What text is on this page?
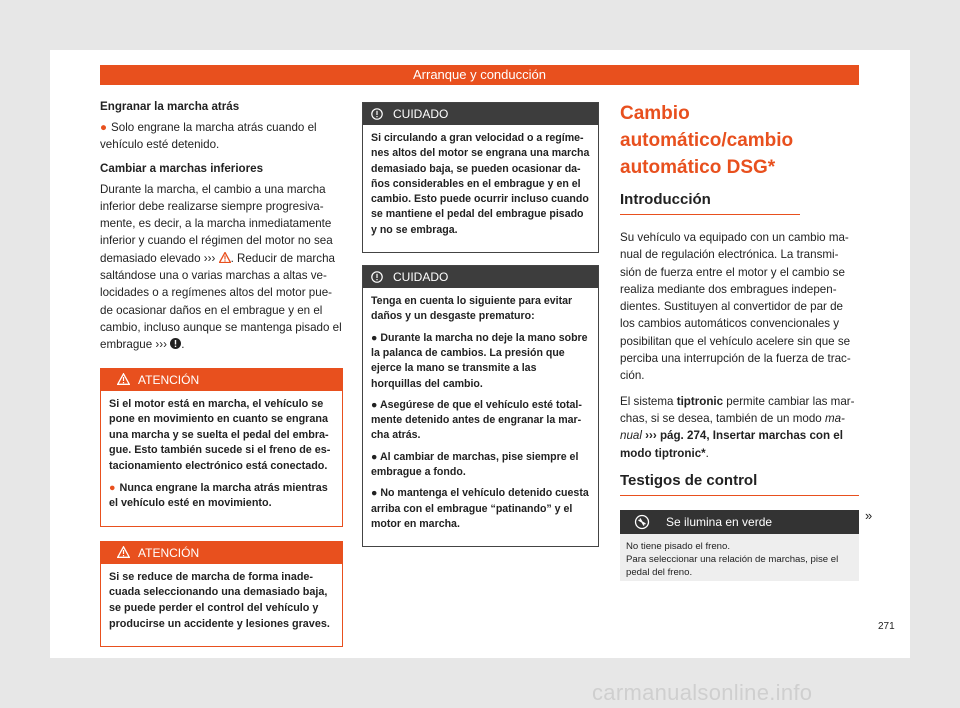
Arranque y conducción
Engranar la marcha atrás

● Solo engrane la marcha atrás cuando el vehículo esté detenido.

Cambiar a marchas inferiores

Durante la marcha, el cambio a una marcha inferior debe realizarse siempre progresiva-mente, es decir, a la marcha inmediatamente inferior y cuando el régimen del motor no sea demasiado elevado ››› . Reducir de marcha saltándose una o varias marchas a altas ve-locidades o a regímenes altos del motor pue-de ocasionar daños en el embrague y en el cambio, incluso aunque se mantenga pisado el embrague ››› .

ATENCIÓN

Si el motor está en marcha, el vehículo se pone en movimiento en cuanto se engrana una marcha y se suelta el pedal del embra-gue. Esto también sucede si el freno de es-tacionamiento electrónico está conectado.

● Nunca engrane la marcha atrás mientras el vehículo esté en movimiento.

ATENCIÓN

Si se reduce de marcha de forma inade-cuada seleccionando una demasiado baja, se puede perder el control del vehículo y producirse un accidente y lesiones graves.

CUIDADO

Si circulando a gran velocidad o a regíme-nes altos del motor se engrana una marcha demasiado baja, se pueden ocasionar da-ños considerables en el embrague y en el cambio. Esto puede ocurrir incluso cuando se mantiene el pedal del embrague pisado y no se embraga.

CUIDADO

Tenga en cuenta lo siguiente para evitar daños y un desgaste prematuro:

● Durante la marcha no deje la mano sobre la palanca de cambios. La presión que ejerce la mano se transmite a las horquillas del cambio.

● Asegúrese de que el vehículo esté total-mente detenido antes de engranar la mar-cha atrás.

● Al cambiar de marchas, pise siempre el embrague a fondo.

● No mantenga el vehículo detenido cuesta arriba con el embrague “patinando” y el motor en marcha.

Cambio automático/cambio automático DSG*
Introducción

Su vehículo va equipado con un cambio ma-nual de regulación electrónica. La transmi-sión de fuerza entre el motor y el cambio se realiza mediante dos embragues indepen-dientes. Sustituyen al convertidor de par de los cambios automáticos convencionales y posibilitan que el vehículo acelere sin que se perciba una interrupción de la fuerza de trac-ción.

El sistema tiptronic permite cambiar las mar-chas, si se desea, también de un modo ma-nual ››› pág. 274, Insertar marchas con el modo tiptronic*.

Testigos de control
Se ilumina en verde
No tiene pisado el freno.
Para seleccionar una relación de marchas, pise el pedal del freno.
»
271
carmanualsonline.info
